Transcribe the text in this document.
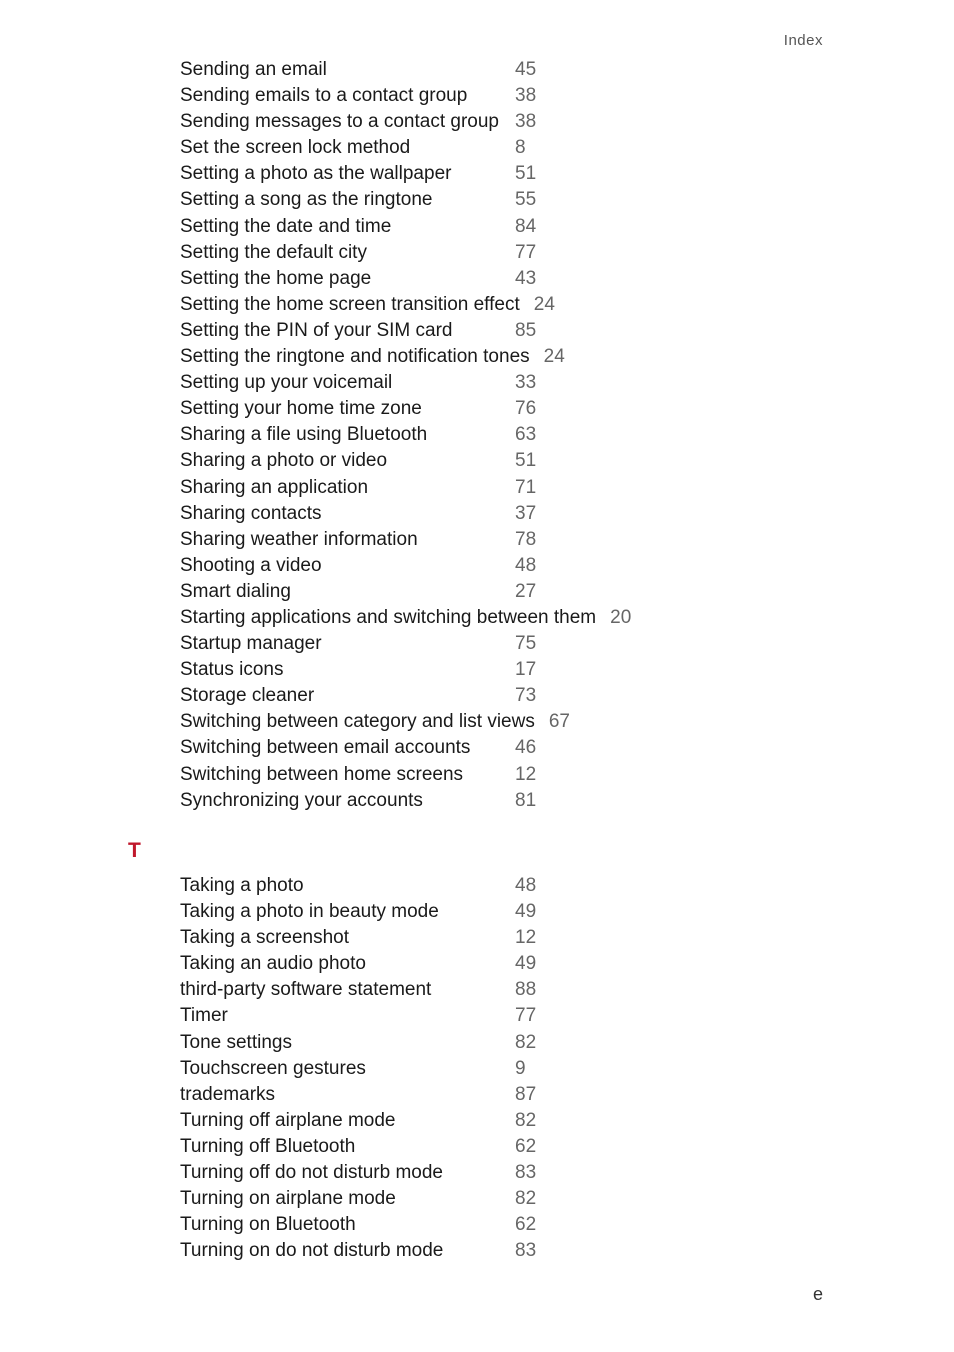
Index
Sending an email	45
Sending emails to a contact group	38
Sending messages to a contact group 38
Set the screen lock method	8
Setting a photo as the wallpaper	51
Setting a song as the ringtone	55
Setting the date and time	84
Setting the default city	77
Setting the home page	43
Setting the home screen transition effect 24
Setting the PIN of your SIM card	85
Setting the ringtone and notification tones 24
Setting up your voicemail	33
Setting your home time zone	76
Sharing a file using Bluetooth	63
Sharing a photo or video	51
Sharing an application	71
Sharing contacts	37
Sharing weather information	78
Shooting a video	48
Smart dialing	27
Starting applications and switching between them 20
Startup manager	75
Status icons	17
Storage cleaner	73
Switching between category and list views 67
Switching between email accounts	46
Switching between home screens	12
Synchronizing your accounts	81
T
Taking a photo	48
Taking a photo in beauty mode	49
Taking a screenshot	12
Taking an audio photo	49
third-party software statement	88
Timer	77
Tone settings	82
Touchscreen gestures	9
trademarks	87
Turning off airplane mode	82
Turning off Bluetooth	62
Turning off do not disturb mode	83
Turning on airplane mode	82
Turning on Bluetooth	62
Turning on do not disturb mode	83
e
